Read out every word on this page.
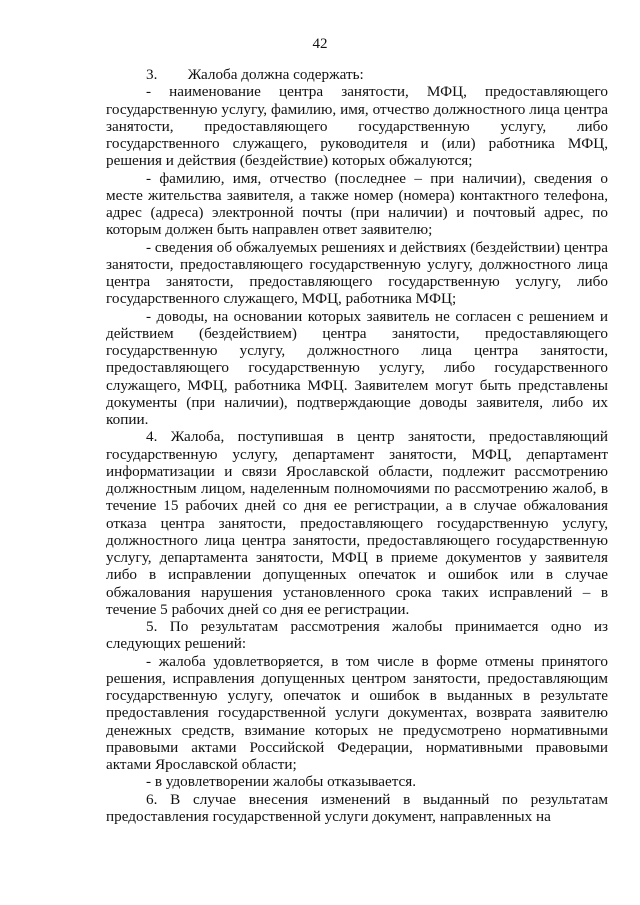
42

3.  Жалоба должна содержать:

- наименование центра занятости, МФЦ, предоставляющего государственную услугу, фамилию, имя, отчество должностного лица центра занятости, предоставляющего государственную услугу, либо государственного служащего, руководителя и (или) работника МФЦ, решения и действия (бездействие) которых обжалуются;

- фамилию, имя, отчество (последнее – при наличии), сведения о месте жительства заявителя, а также номер (номера) контактного телефона, адрес (адреса) электронной почты (при наличии) и почтовый адрес, по которым должен быть направлен ответ заявителю;

- сведения об обжалуемых решениях и действиях (бездействии) центра занятости, предоставляющего государственную услугу, должностного лица центра занятости, предоставляющего государственную услугу, либо государственного служащего, МФЦ, работника МФЦ;

- доводы, на основании которых заявитель не согласен с решением и действием (бездействием) центра занятости, предоставляющего государственную услугу, должностного лица центра занятости, предоставляющего государственную услугу, либо государственного служащего, МФЦ, работника МФЦ. Заявителем могут быть представлены документы (при наличии), подтверждающие доводы заявителя, либо их копии.

4. Жалоба, поступившая в центр занятости, предоставляющий государственную услугу, департамент занятости, МФЦ, департамент информатизации и связи Ярославской области, подлежит рассмотрению должностным лицом, наделенным полномочиями по рассмотрению жалоб, в течение 15 рабочих дней со дня ее регистрации, а в случае обжалования отказа центра занятости, предоставляющего государственную услугу, должностного лица центра занятости, предоставляющего государственную услугу, департамента занятости, МФЦ в приеме документов у заявителя либо в исправлении допущенных опечаток и ошибок или в случае обжалования нарушения установленного срока таких исправлений – в течение 5 рабочих дней со дня ее регистрации.

5. По результатам рассмотрения жалобы принимается одно из следующих решений:

- жалоба удовлетворяется, в том числе в форме отмены принятого решения, исправления допущенных центром занятости, предоставляющим государственную услугу, опечаток и ошибок в выданных в результате предоставления государственной услуги документах, возврата заявителю денежных средств, взимание которых не предусмотрено нормативными правовыми актами Российской Федерации, нормативными правовыми актами Ярославской области;

- в удовлетворении жалобы отказывается.

6. В случае внесения изменений в выданный по результатам предоставления государственной услуги документ, направленных на
